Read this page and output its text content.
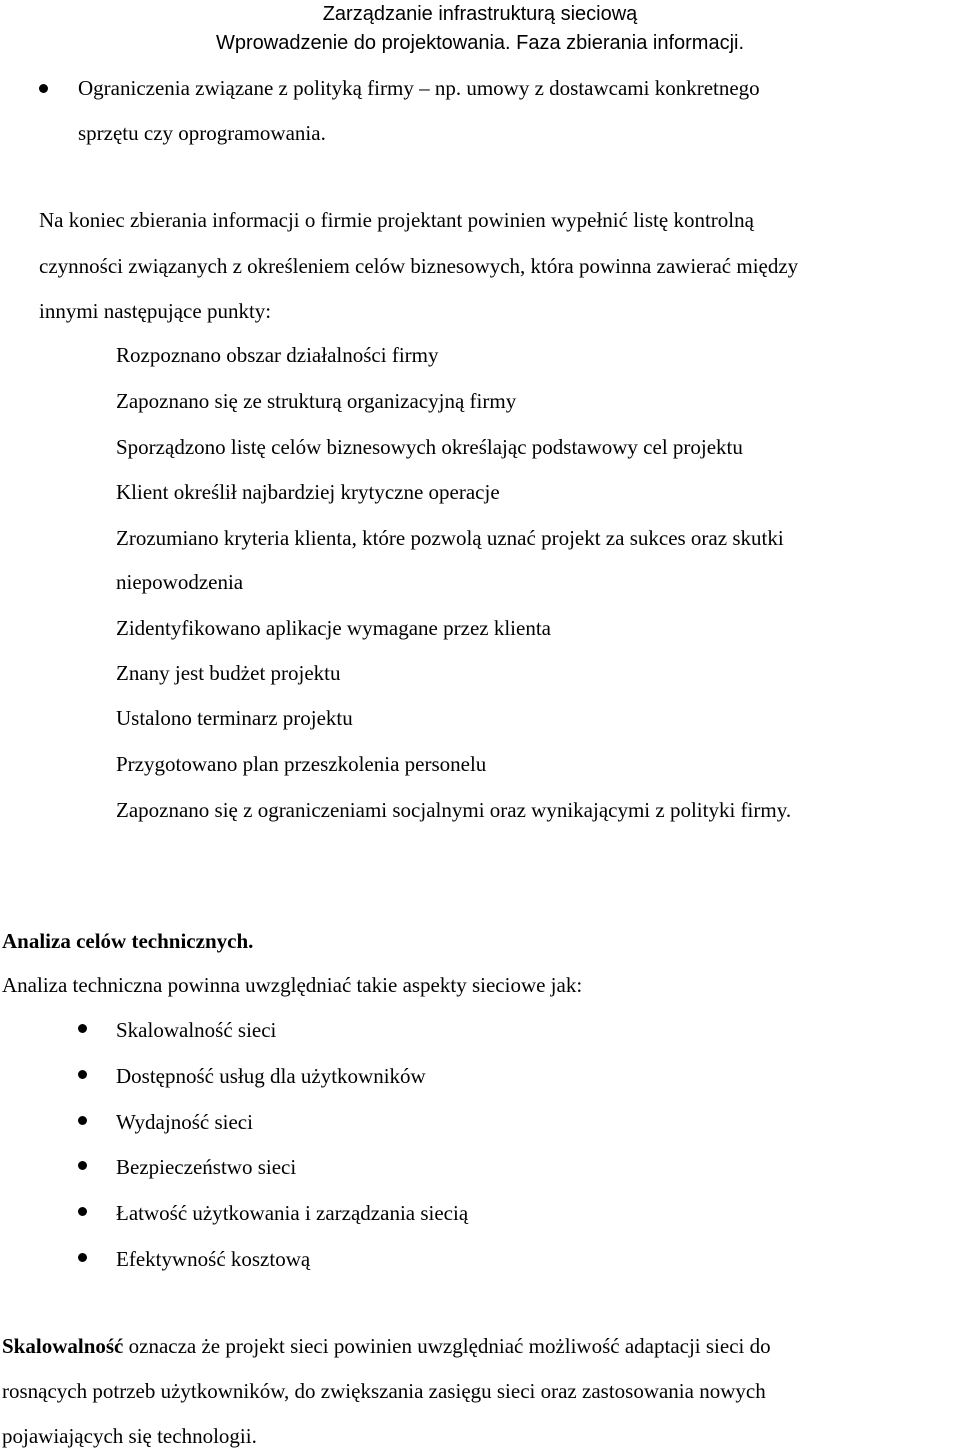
Zarządzanie infrastrukturą sieciową
Wprowadzenie do projektowania. Faza zbierania informacji.
Ograniczenia związane z polityką firmy – np. umowy z dostawcami konkretnego
sprzętu czy oprogramowania.
Na koniec zbierania informacji o firmie projektant powinien wypełnić listę kontrolną
czynności związanych z określeniem celów biznesowych, która powinna zawierać między
innymi następujące punkty:
Rozpoznano obszar działalności firmy
Zapoznano się ze strukturą organizacyjną firmy
Sporządzono listę celów biznesowych określając podstawowy cel projektu
Klient określił najbardziej krytyczne operacje
Zrozumiano kryteria klienta, które pozwolą uznać projekt za sukces oraz skutki
niepowodzenia
Zidentyfikowano aplikacje wymagane przez klienta
Znany jest budżet projektu
Ustalono terminarz projektu
Przygotowano plan przeszkolenia personelu
Zapoznano się z ograniczeniami socjalnymi oraz wynikającymi z polityki firmy.
Analiza celów technicznych.
Analiza techniczna powinna uwzględniać takie aspekty sieciowe jak:
Skalowalność sieci
Dostępność usług dla użytkowników
Wydajność sieci
Bezpieczeństwo sieci
Łatwość użytkowania i zarządzania siecią
Efektywność kosztową
Skalowalność oznacza że projekt sieci powinien uwzględniać możliwość adaptacji sieci do
rosnących potrzeb użytkowników, do zwiększania zasięgu sieci oraz zastosowania nowych
pojawiających się technologii.
